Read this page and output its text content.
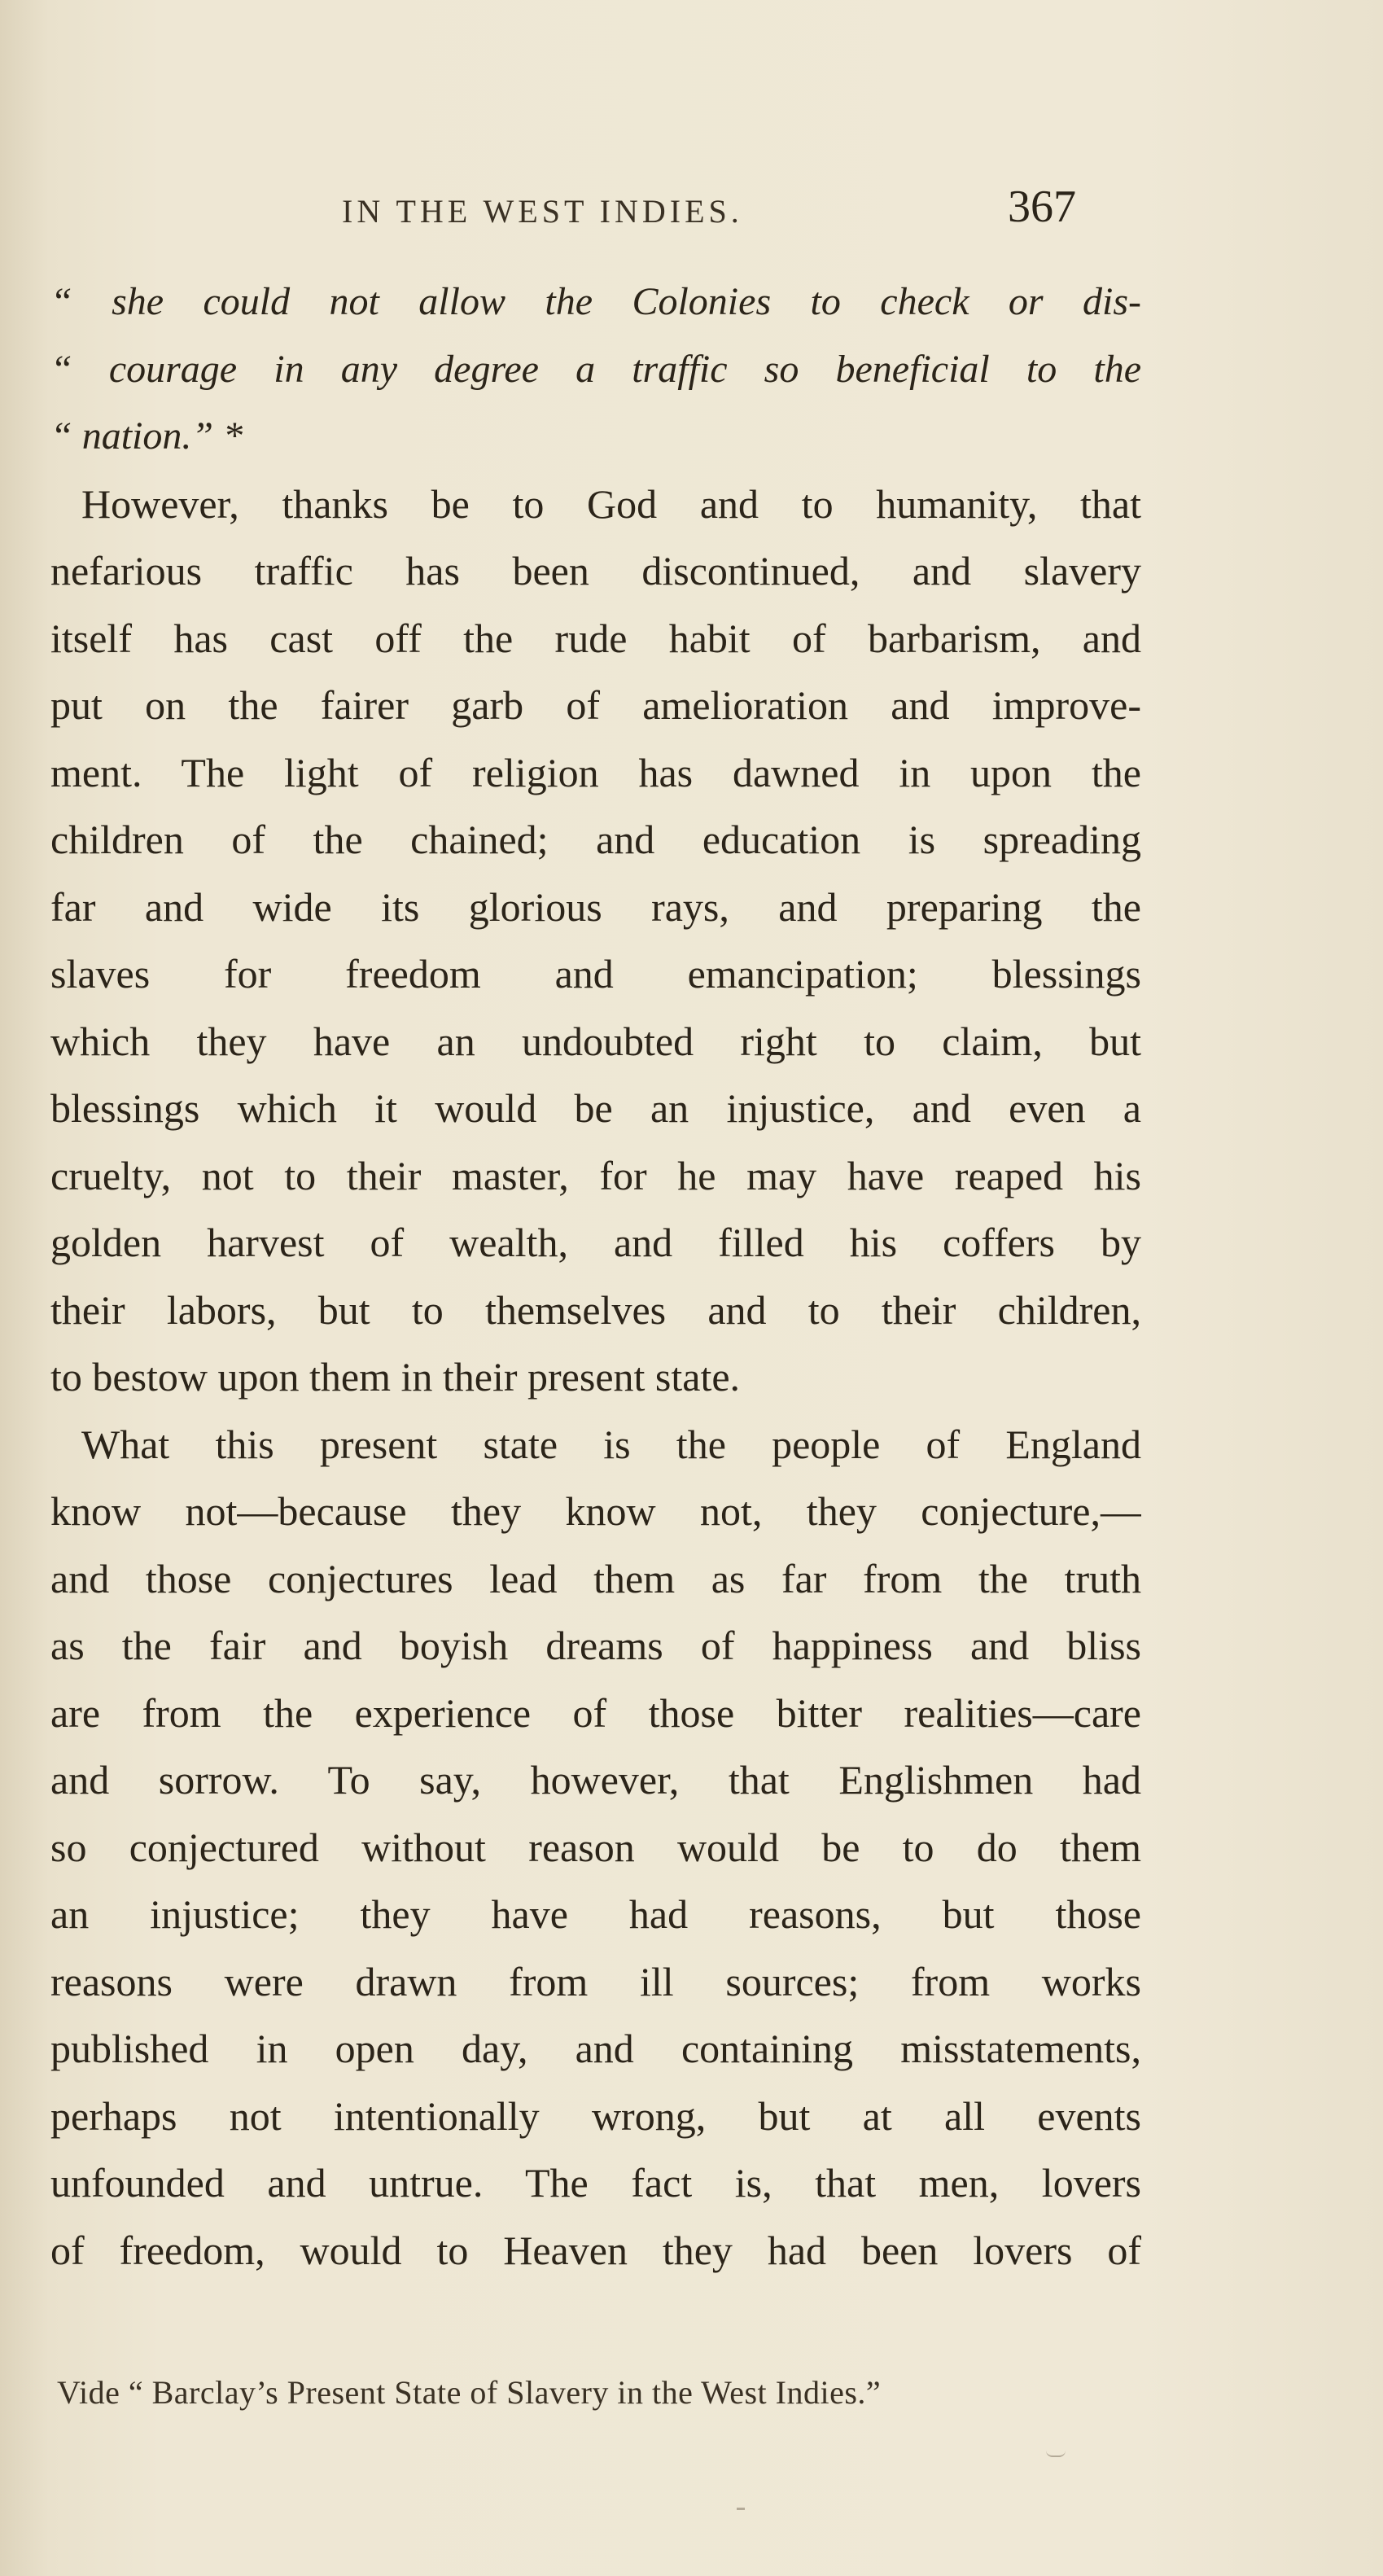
IN THE WEST INDIES.	367
“ she could not allow the Colonies to check or dis-
“ courage in any degree a traffic so beneficial to the
“ nation.” *
However, thanks be to God and to humanity, that
nefarious traffic has been discontinued, and slavery
itself has cast off the rude habit of barbarism, and
put on the fairer garb of amelioration and improve-
ment. The light of religion has dawned in upon the
children of the chained; and education is spreading
far and wide its glorious rays, and preparing the
slaves for freedom and emancipation; blessings
which they have an undoubted right to claim, but
blessings which it would be an injustice, and even a
cruelty, not to their master, for he may have reaped his
golden harvest of wealth, and filled his coffers by
their labors, but to themselves and to their children,
to bestow upon them in their present state.
What this present state is the people of England
know not—because they know not, they conjecture,—
and those conjectures lead them as far from the truth
as the fair and boyish dreams of happiness and bliss
are from the experience of those bitter realities—care
and sorrow. To say, however, that Englishmen had
so conjectured without reason would be to do them
an injustice; they have had reasons, but those
reasons were drawn from ill sources; from works
published in open day, and containing misstatements,
perhaps not intentionally wrong, but at all events
unfounded and untrue. The fact is, that men, lovers
of freedom, would to Heaven they had been lovers of
Vide “ Barclay’s Present State of Slavery in the West Indies.”
